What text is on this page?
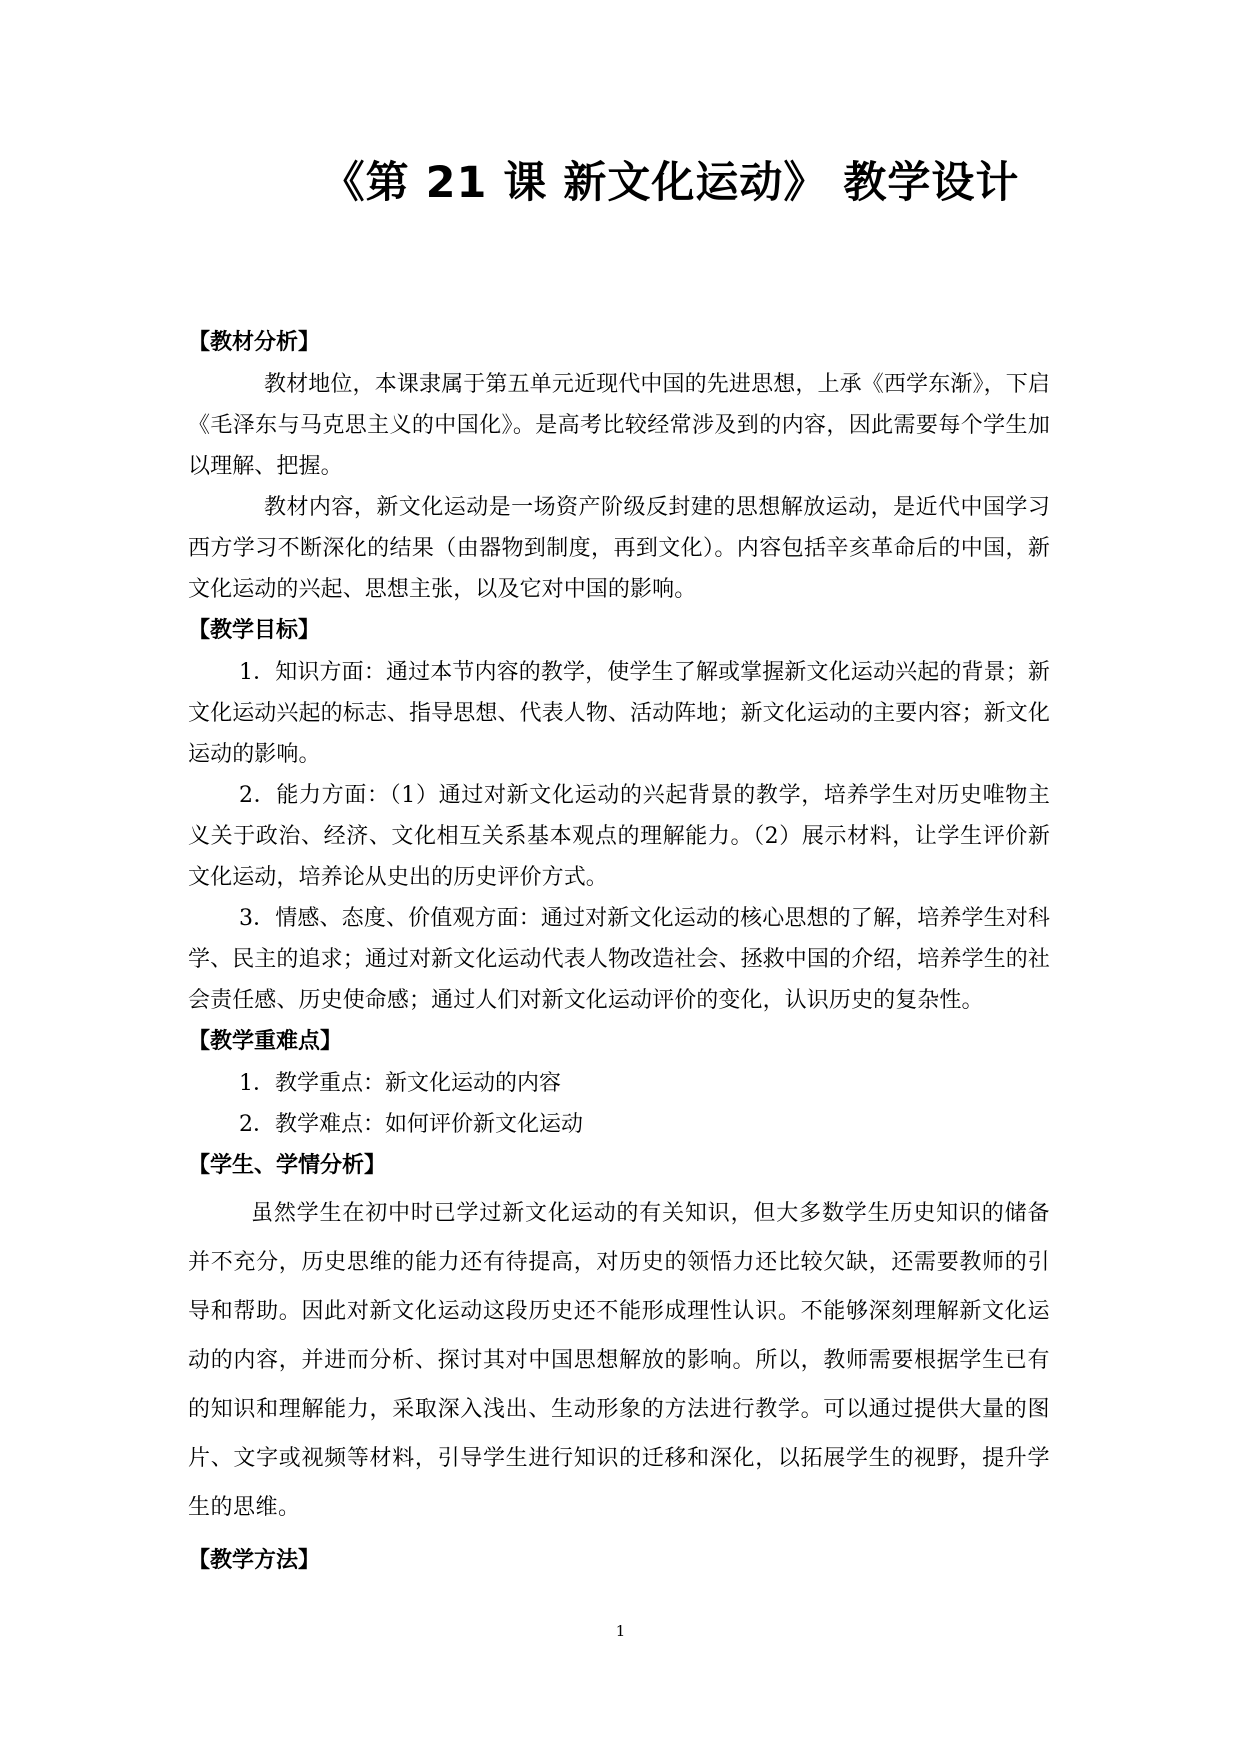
《第 21 课 新文化运动》 教学设计
【教材分析】

教材地位，本课隶属于第五单元近现代中国的先进思想，上承《西学东渐》，下启《毛泽东与马克思主义的中国化》。是高考比较经常涉及到的内容，因此需要每个学生加以理解、把握。

教材内容，新文化运动是一场资产阶级反封建的思想解放运动，是近代中国学习西方学习不断深化的结果（由器物到制度，再到文化）。内容包括辛亥革命后的中国，新文化运动的兴起、思想主张，以及它对中国的影响。

【教学目标】

1．知识方面：通过本节内容的教学，使学生了解或掌握新文化运动兴起的背景；新文化运动兴起的标志、指导思想、代表人物、活动阵地；新文化运动的主要内容；新文化运动的影响。

2．能力方面：（1）通过对新文化运动的兴起背景的教学，培养学生对历史唯物主义关于政治、经济、文化相互关系基本观点的理解能力。（2）展示材料，让学生评价新文化运动，培养论从史出的历史评价方式。

3．情感、态度、价值观方面：通过对新文化运动的核心思想的了解，培养学生对科学、民主的追求；通过对新文化运动代表人物改造社会、拯救中国的介绍，培养学生的社会责任感、历史使命感；通过人们对新文化运动评价的变化，认识历史的复杂性。

【教学重难点】

1．教学重点：新文化运动的内容

2．教学难点：如何评价新文化运动

【学生、学情分析】

虽然学生在初中时已学过新文化运动的有关知识，但大多数学生历史知识的储备并不充分，历史思维的能力还有待提高，对历史的领悟力还比较欠缺，还需要教师的引导和帮助。因此对新文化运动这段历史还不能形成理性认识。不能够深刻理解新文化运动的内容，并进而分析、探讨其对中国思想解放的影响。所以，教师需要根据学生已有的知识和理解能力，采取深入浅出、生动形象的方法进行教学。可以通过提供大量的图片、文字或视频等材料，引导学生进行知识的迁移和深化，以拓展学生的视野，提升学生的思维。

【教学方法】
1
